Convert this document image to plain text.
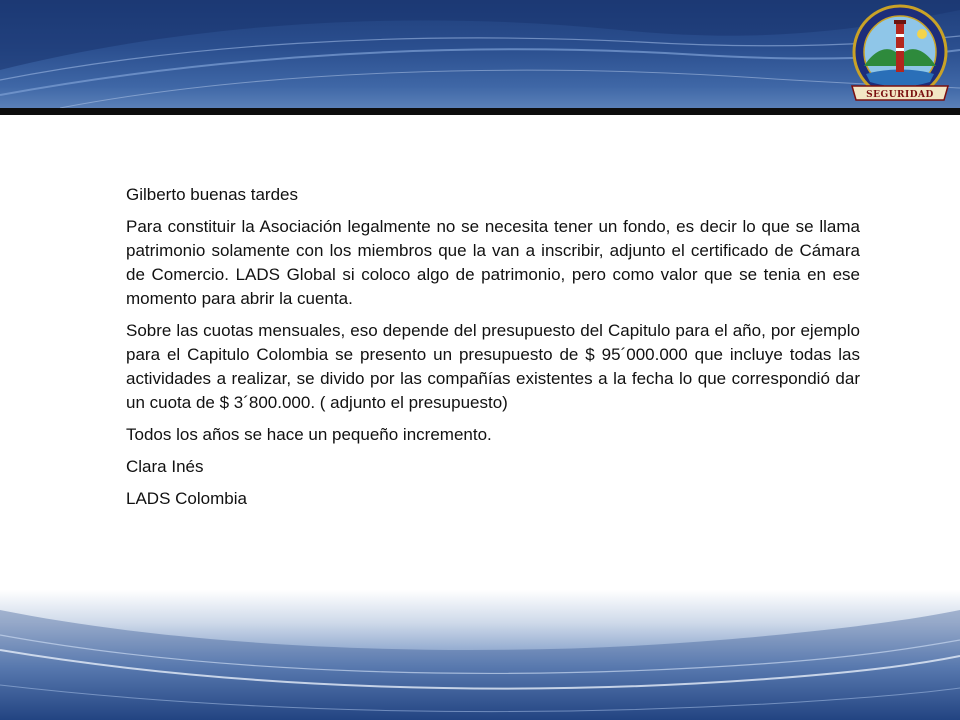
SEGURIDAD

Gilberto buenas tardes

Para constituir la Asociación legalmente no se necesita tener un fondo, es decir lo que se llama patrimonio solamente con los miembros que la van a inscribir, adjunto el certificado de Cámara de Comercio. LADS Global si coloco algo de patrimonio, pero como valor que se tenia en ese momento para abrir la cuenta.

Sobre las cuotas mensuales, eso depende del presupuesto del Capitulo para el año, por ejemplo para el Capitulo Colombia se presento un presupuesto de $ 95´000.000 que incluye todas las actividades a realizar, se divido por las compañías existentes a la fecha lo que correspondió dar un cuota de $ 3´800.000. ( adjunto el presupuesto)

Todos los años se hace un pequeño incremento.

Clara Inés

LADS Colombia
